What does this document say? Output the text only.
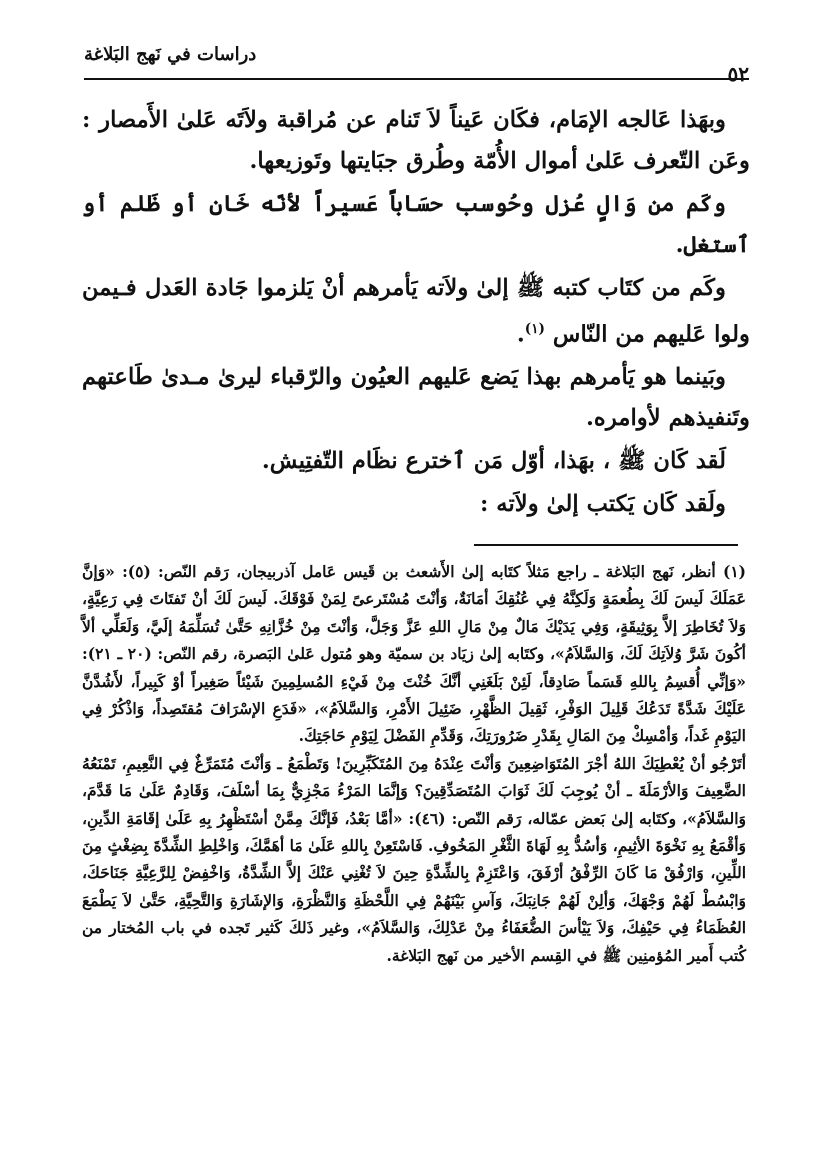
دراسات في نَهج البَلاغة
٥٢

وبهَذا عَالجه الإمَام، فكَان عَيناً لاَ تَنام عن مُراقبة ولاَتَه عَلىٰ الأَمصار : وعَن التّعرف عَلىٰ أموال الأُمّة وطُرق جبَايتها وتَوزيعها.

وكَم من وَالٍ عُزل وحُوسب حسَاباً عَسيراً لأنّه خَان أو ظَلم أو ٱستغل.

وكَم من كتَاب كتبه ﷺ إلىٰ ولاَته يَأمرهم أنْ يَلزموا جَادة العَدل فـيمن ولوا عَليهم من النّاس $^{(١)}$.

وبَينما هو يَأمرهم بهذا يَضع عَليهم العيُون والرّقباء ليرىٰ مـدىٰ طَاعتهم وتَنفيذهم لأوامره.

لَقد كَان ﷺ ، بهَذا، أوّل مَن ٱخترع نظَام التّفتِيش.

ولَقد كَان يَكتب إلىٰ ولاَته :

(١) أنظر، نَهج البَلاغة ـ راجع مَثلاً كتَابه إلىٰ الأَشعث بن قَيس عَامل آذربيجان، رَقم النّص: (٥): «وَإنَّ عَمَلَكَ لَيسَ لَكَ بِطُعمَةٍ وَلَكِنَّهُ فِي عُنُقِكَ أمَانَةٌ، وَأنْتَ مُسْتَرعىً لِمَنْ فَوْقَكَ. لَيسَ لَكَ أنْ تَفتَاتَ فِي رَعِيَّةٍ، وَلاَ تُخَاطِرَ إلاَّ بِوَثِيقَةٍ، وَفِي يَدَيْكَ مَالٌ مِنْ مَالِ اللهِ عَزَّ وَجَلَّ، وَأنْتَ مِنْ خُزَّانِهِ حَتَّىٰ تُسَلِّمَهُ إلَيَّ، وَلَعَلِّي ألاَّ أكُونَ شَرَّ وُلاَتِكَ لَكَ، وَالسَّلاَمُ»، وكتَابه إلىٰ زيَاد بن سميّة وهو مُتول عَلىٰ البَصرة، رقم النّص: (٢٠ ـ ٢١): «وَإنِّي أُقسِمُ بِاللهِ قَسَماً صَادِقاً، لَئِنْ بَلَغَنِي أنَّكَ خُنْتَ مِنْ فَيْءِ المُسلِمِينَ شَيْئاً صَغِيراً أوْ كَبِيراً، لأَشُدَّنَّ عَلَيْكَ شَدَّةً تَدَعُكَ قَلِيلَ الوَفْرِ، ثَقِيلَ الظَّهْرِ، ضَئِيلَ الأَمْرِ، وَالسَّلاَمُ»، «فَدَعِ الإسْرَافَ مُقتَصِداً، وَاذْكُرْ فِي اليَوْمِ غَداً، وَأمْسِكْ مِنَ المَالِ بِقَدْرِ ضَرُورَتِكَ، وَقَدِّمِ الفَضْلَ لِيَوْمِ حَاجَتِكَ.

أتَرْجُو أنْ يُعْطِيَكَ اللهُ أجْرَ المُتَوَاضِعِينَ وَأنْتَ عِنْدَهُ مِنَ المُتَكَبِّرِينَ! وَتَطْمَعُ ـ وَأنْتَ مُتَمَرِّغٌ فِي النَّعِيمِ، تَمْنَعُهُ الضَّعِيفَ وَالأرْمَلَةَ ـ أنْ يُوجِبَ لَكَ ثَوَابَ المُتَصَدِّقِينَ؟ وَإنَّمَا المَرْءُ مَجْزِيٌّ بِمَا أسْلَفَ، وَقَادِمٌ عَلَىٰ مَا قَدَّمَ، وَالسَّلاَمُ»، وكتَابه إلىٰ بَعض عمّاله، رَقم النّص: (٤٦): «أمَّا بَعْدُ، فَإنَّكَ مِمَّنْ أسْتَظْهِرُ بِهِ عَلَىٰ إقَامَةِ الدِّينِ، وَأقْمَعُ بِهِ نَخْوَةَ الأثِيمِ، وَأسُدُّ بِهِ لَهَاةَ الثَّغْرِ المَخُوفِ. فَاسْتَعِنْ بِاللهِ عَلَىٰ مَا أهَمَّكَ، وَاخْلِطِ الشِّدَّةَ بِضِغْثٍ مِنَ اللِّينِ، وَارْفُقْ مَا كَانَ الرِّفْقُ أرْفَقَ، وَاعْتَزِمْ بِالشِّدَّةِ حِينَ لاَ تُغْنِي عَنْكَ إلاَّ الشِّدَّةُ، وَاخْفِضْ لِلرَّعِيَّةِ جَنَاحَكَ، وَابْسُطْ لَهُمْ وَجْهَكَ، وَألِنْ لَهُمْ جَانِبَكَ، وَآسِ بَيْنَهُمْ فِي اللَّحْظَةِ وَالنَّظْرَةِ، وَالإشَارَةِ وَالتَّحِيَّةِ، حَتَّىٰ لاَ يَطْمَعَ العُظَمَاءُ فِي حَيْفِكَ، وَلاَ يَيْأسَ الضُّعَفَاءُ مِنْ عَدْلِكَ، وَالسَّلاَمُ»، وغير ذَلكَ كَثير تَجده في باب المُختار من كُتب أَمير المُؤمنِين ﷺ في القِسم الأخير من نَهج البَلاغة.
